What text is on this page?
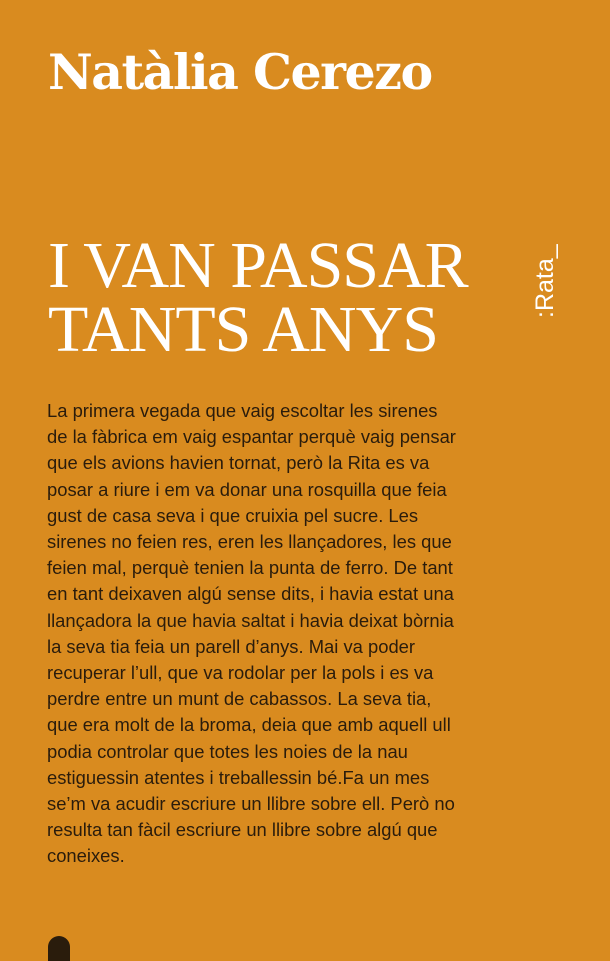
Natàlia Cerezo
I VAN PASSAR
TANTS ANYS
:Rata_
La primera vegada que vaig escoltar les sirenes
de la fàbrica em vaig espantar perquè vaig pensar
que els avions havien tornat, però la Rita es va
posar a riure i em va donar una rosquilla que feia
gust de casa seva i que cruixia pel sucre. Les
sirenes no feien res, eren les llançadores, les que
feien mal, perquè tenien la punta de ferro. De tant
en tant deixaven algú sense dits, i havia estat una
llançadora la que havia saltat i havia deixat bòrnia
la seva tia feia un parell d’anys. Mai va poder
recuperar l’ull, que va rodolar per la pols i es va
perdre entre un munt de cabassos. La seva tia,
que era molt de la broma, deia que amb aquell ull
podia controlar que totes les noies de la nau
estiguessin atentes i treballessin bé.Fa un mes
se’m va acudir escriure un llibre sobre ell. Però no
resulta tan fàcil escriure un llibre sobre algú que
coneixes.
